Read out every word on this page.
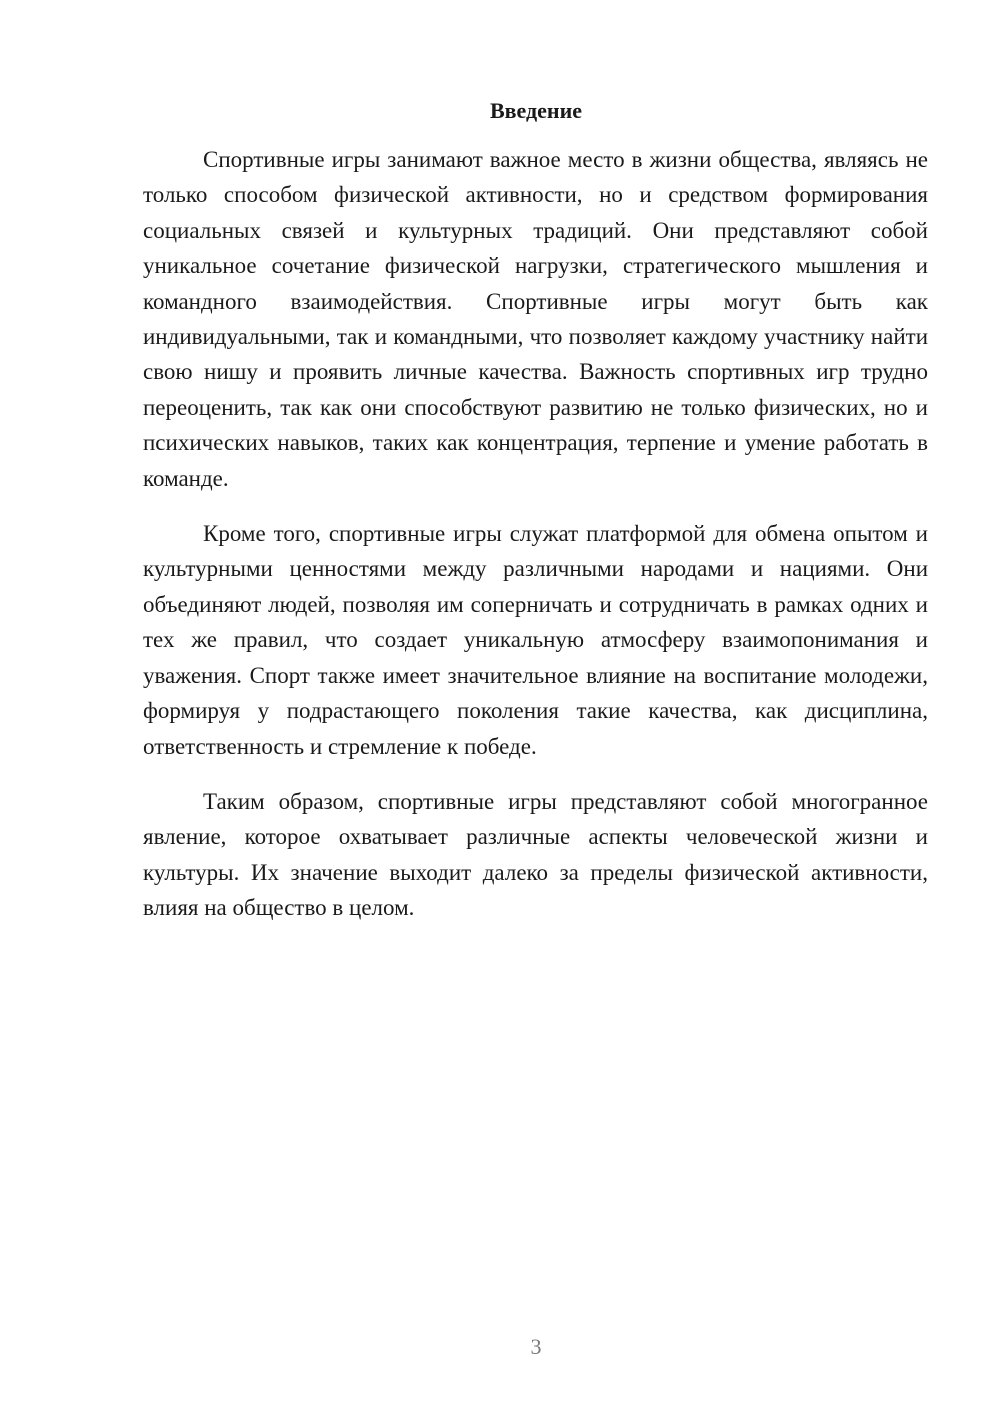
Введение

Спортивные игры занимают важное место в жизни общества, являясь не только способом физической активности, но и средством формирования социальных связей и культурных традиций. Они представляют собой уникальное сочетание физической нагрузки, стратегического мышления и командного взаимодействия. Спортивные игры могут быть как индивидуальными, так и командными, что позволяет каждому участнику найти свою нишу и проявить личные качества. Важность спортивных игр трудно переоценить, так как они способствуют развитию не только физических, но и психических навыков, таких как концентрация, терпение и умение работать в команде.

Кроме того, спортивные игры служат платформой для обмена опытом и культурными ценностями между различными народами и нациями. Они объединяют людей, позволяя им соперничать и сотрудничать в рамках одних и тех же правил, что создает уникальную атмосферу взаимопонимания и уважения. Спорт также имеет значительное влияние на воспитание молодежи, формируя у подрастающего поколения такие качества, как дисциплина, ответственность и стремление к победе.

Таким образом, спортивные игры представляют собой многогранное явление, которое охватывает различные аспекты человеческой жизни и культуры. Их значение выходит далеко за пределы физической активности, влияя на общество в целом.

3
